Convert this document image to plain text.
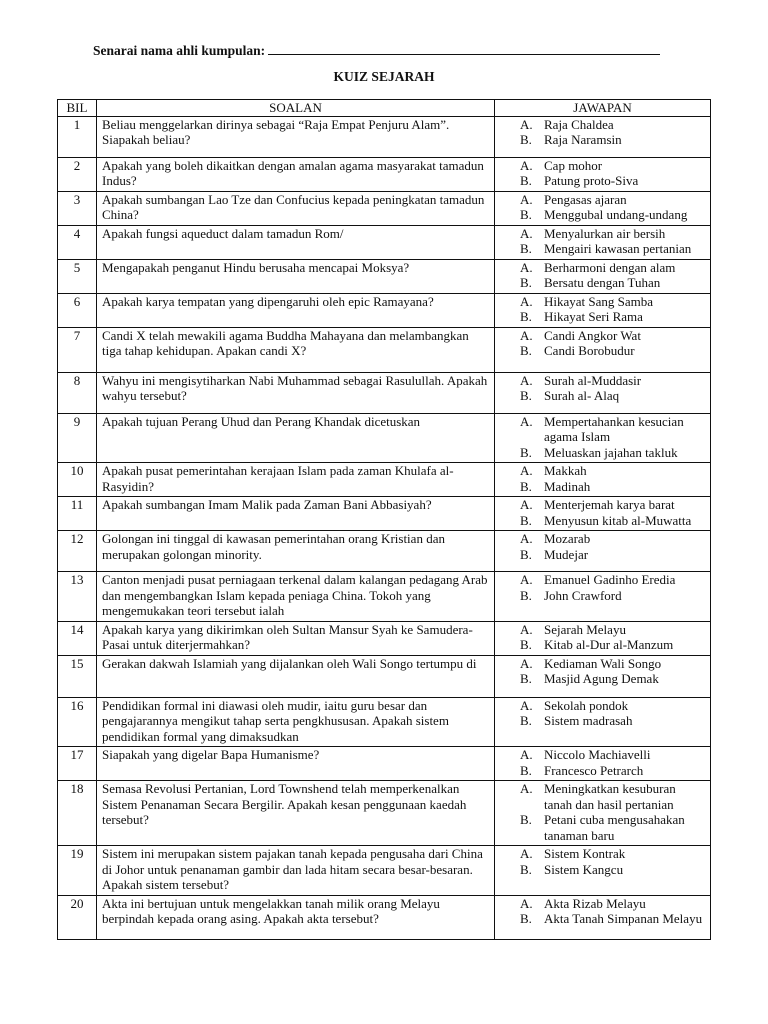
Senarai nama ahli kumpulan:
KUIZ SEJARAH
BIL	SOALAN	JAWAPAN
1	Beliau menggelarkan dirinya sebagai “Raja Empat Penjuru Alam”. Siapakah beliau?	A. Raja Chaldea
B. Raja Naramsin

2	Apakah yang boleh dikaitkan dengan amalan agama masyarakat tamadun Indus?	A. Cap mohor
B. Patung proto-Siva

3	Apakah sumbangan Lao Tze dan Confucius kepada peningkatan tamadun China?	A. Pengasas ajaran
B. Menggubal undang-undang

4	Apakah fungsi aqueduct dalam tamadun Rom/	A. Menyalurkan air bersih
B. Mengairi kawasan pertanian

5	Mengapakah penganut Hindu berusaha mencapai Moksya?	A. Berharmoni dengan alam
B. Bersatu dengan Tuhan

6	Apakah karya tempatan yang dipengaruhi oleh epic Ramayana?	A. Hikayat Sang Samba
B. Hikayat Seri Rama

7	Candi X telah mewakili agama Buddha Mahayana dan melambangkan tiga tahap kehidupan. Apakan candi X?	A. Candi Angkor Wat
B. Candi Borobudur

8	Wahyu ini mengisytiharkan Nabi Muhammad sebagai Rasulullah. Apakah wahyu tersebut?	A. Surah al-Muddasir
B. Surah al- Alaq

9	Apakah tujuan Perang Uhud dan Perang Khandak dicetuskan	A. Mempertahankan kesucian agama Islam
B. Meluaskan jajahan takluk

10	Apakah pusat pemerintahan kerajaan Islam pada zaman Khulafa al-Rasyidin?	A. Makkah
B. Madinah

11	Apakah sumbangan Imam Malik pada Zaman Bani Abbasiyah?	A. Menterjemah karya barat
B. Menyusun kitab al-Muwatta

12	Golongan ini tinggal di kawasan pemerintahan orang Kristian dan merupakan golongan minority.	A. Mozarab
B. Mudejar

13	Canton menjadi pusat perniagaan terkenal dalam kalangan pedagang Arab dan mengembangkan Islam kepada peniaga China. Tokoh yang mengemukakan teori tersebut ialah	A. Emanuel Gadinho Eredia
B. John Crawford

14	Apakah karya yang dikirimkan oleh Sultan Mansur Syah ke Samudera-Pasai untuk diterjermahkan?	A. Sejarah Melayu
B. Kitab al-Dur al-Manzum

15	Gerakan dakwah Islamiah yang dijalankan oleh Wali Songo tertumpu di	A. Kediaman Wali Songo
B. Masjid Agung Demak

16	Pendidikan formal ini diawasi oleh mudir, iaitu guru besar dan pengajarannya mengikut tahap serta pengkhususan. Apakah sistem pendidikan formal yang dimaksudkan	A. Sekolah pondok
B. Sistem madrasah

17	Siapakah yang digelar Bapa Humanisme?	A. Niccolo Machiavelli
B. Francesco Petrarch

18	Semasa Revolusi Pertanian, Lord Townshend telah memperkenalkan Sistem Penanaman Secara Bergilir. Apakah kesan penggunaan kaedah tersebut?	A. Meningkatkan kesuburan tanah dan hasil pertanian
B. Petani cuba mengusahakan tanaman baru

19	Sistem ini merupakan sistem pajakan tanah kepada pengusaha dari China di Johor untuk penanaman gambir dan lada hitam secara besar-besaran. Apakah sistem tersebut?	A. Sistem Kontrak
B. Sistem Kangcu

20	Akta ini bertujuan untuk mengelakkan tanah milik orang Melayu berpindah kepada orang asing. Apakah akta tersebut?	A. Akta Rizab Melayu
B. Akta Tanah Simpanan Melayu
